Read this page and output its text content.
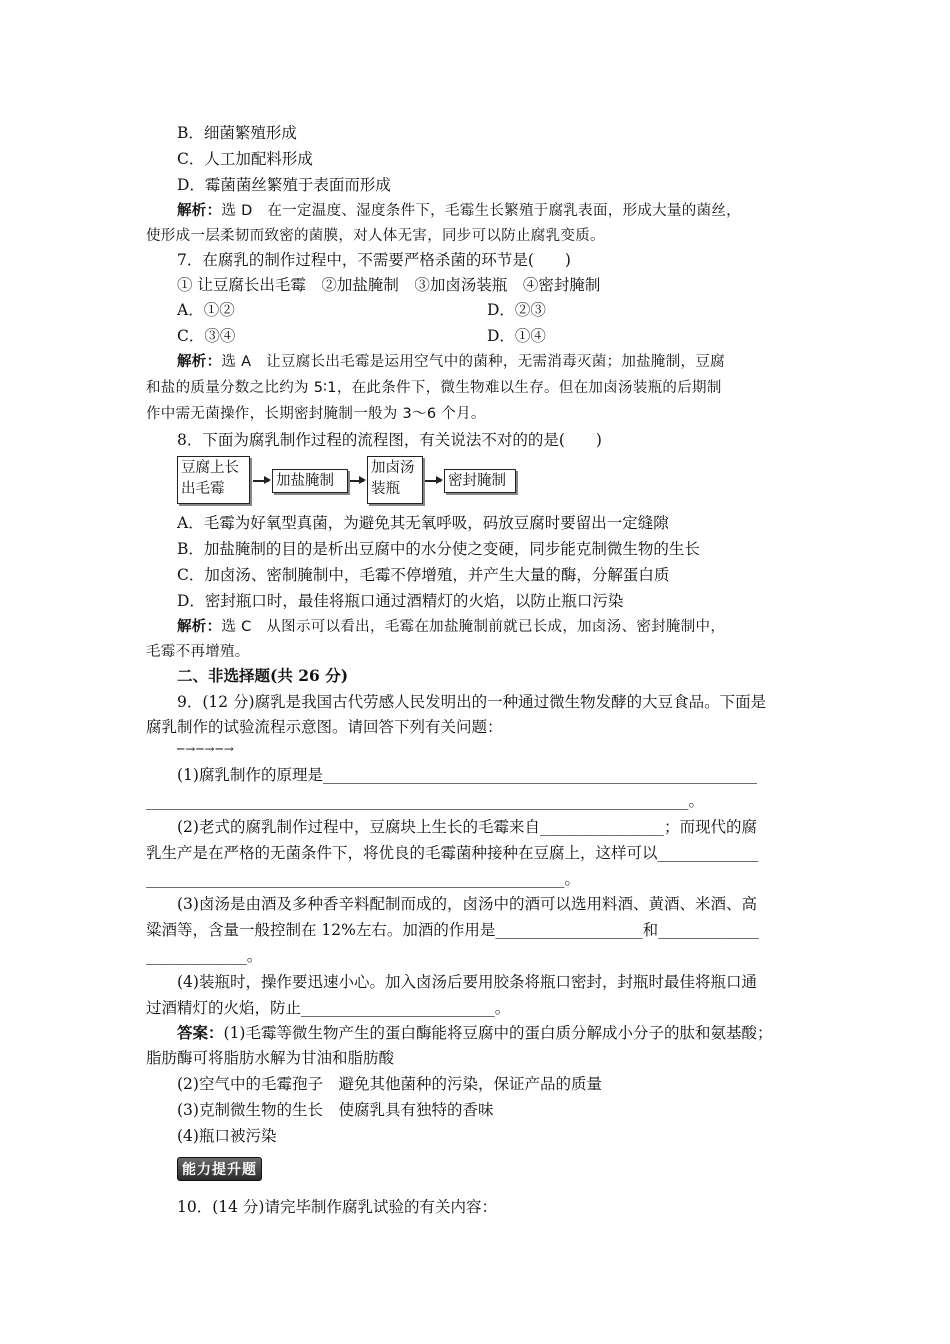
B．细菌繁殖形成
C．人工加配料形成
D．霉菌菌丝繁殖于表面而形成
解析：选 D　在一定温度、湿度条件下，毛霉生长繁殖于腐乳表面，形成大量的菌丝，
使形成一层柔韧而致密的菌膜，对人体无害，同步可以防止腐乳变质。
7．在腐乳的制作过程中，不需要严格杀菌的环节是(　　)
① 让豆腐长出毛霉　②加盐腌制　③加卤汤装瓶　④密封腌制
A．①②	D．②③
C．③④	D．①④
解析：选 A　让豆腐长出毛霉是运用空气中的菌种，无需消毒灭菌；加盐腌制，豆腐
和盐的质量分数之比约为 5∶1，在此条件下，微生物难以生存。但在加卤汤装瓶的后期制
作中需无菌操作，长期密封腌制一般为 3～6 个月。
8．下面为腐乳制作过程的流程图，有关说法不对的的是(　　)
豆腐上长
出毛霉	加盐腌制
加卤汤
装瓶	密封腌制
A．毛霉为好氧型真菌，为避免其无氧呼吸，码放豆腐时要留出一定缝隙
B．加盐腌制的目的是析出豆腐中的水分使之变硬，同步能克制微生物的生长
C．加卤汤、密制腌制中，毛霉不停增殖，并产生大量的酶，分解蛋白质
D．密封瓶口时，最佳将瓶口通过酒精灯的火焰，以防止瓶口污染
解析：选 C　从图示可以看出，毛霉在加盐腌制前就已长成，加卤汤、密封腌制中，
毛霉不再增殖。
二、非选择题(共 26 分)
9．(12 分)腐乳是我国古代劳感人民发明出的一种通过微生物发酵的大豆食品。下面是
腐乳制作的试验流程示意图。请回答下列有关问题：
─→─→─→
(1)腐乳制作的原理是________________________________________________________
______________________________________________________________________。
(2)老式的腐乳制作过程中，豆腐块上生长的毛霉来自________________；而现代的腐
乳生产是在严格的无菌条件下，将优良的毛霉菌种接种在豆腐上，这样可以_____________
______________________________________________________。
(3)卤汤是由酒及多种香辛料配制而成的，卤汤中的酒可以选用料酒、黄酒、米酒、高
粱酒等，含量一般控制在 12%左右。加酒的作用是___________________和_____________
_____________。
(4)装瓶时，操作要迅速小心。加入卤汤后要用胶条将瓶口密封，封瓶时最佳将瓶口通
过酒精灯的火焰，防止_________________________。
答案：(1)毛霉等微生物产生的蛋白酶能将豆腐中的蛋白质分解成小分子的肽和氨基酸；
脂肪酶可将脂肪水解为甘油和脂肪酸
(2)空气中的毛霉孢子　避免其他菌种的污染，保证产品的质量
(3)克制微生物的生长　使腐乳具有独特的香味
(4)瓶口被污染
能力提升题
10．(14 分)请完毕制作腐乳试验的有关内容：
